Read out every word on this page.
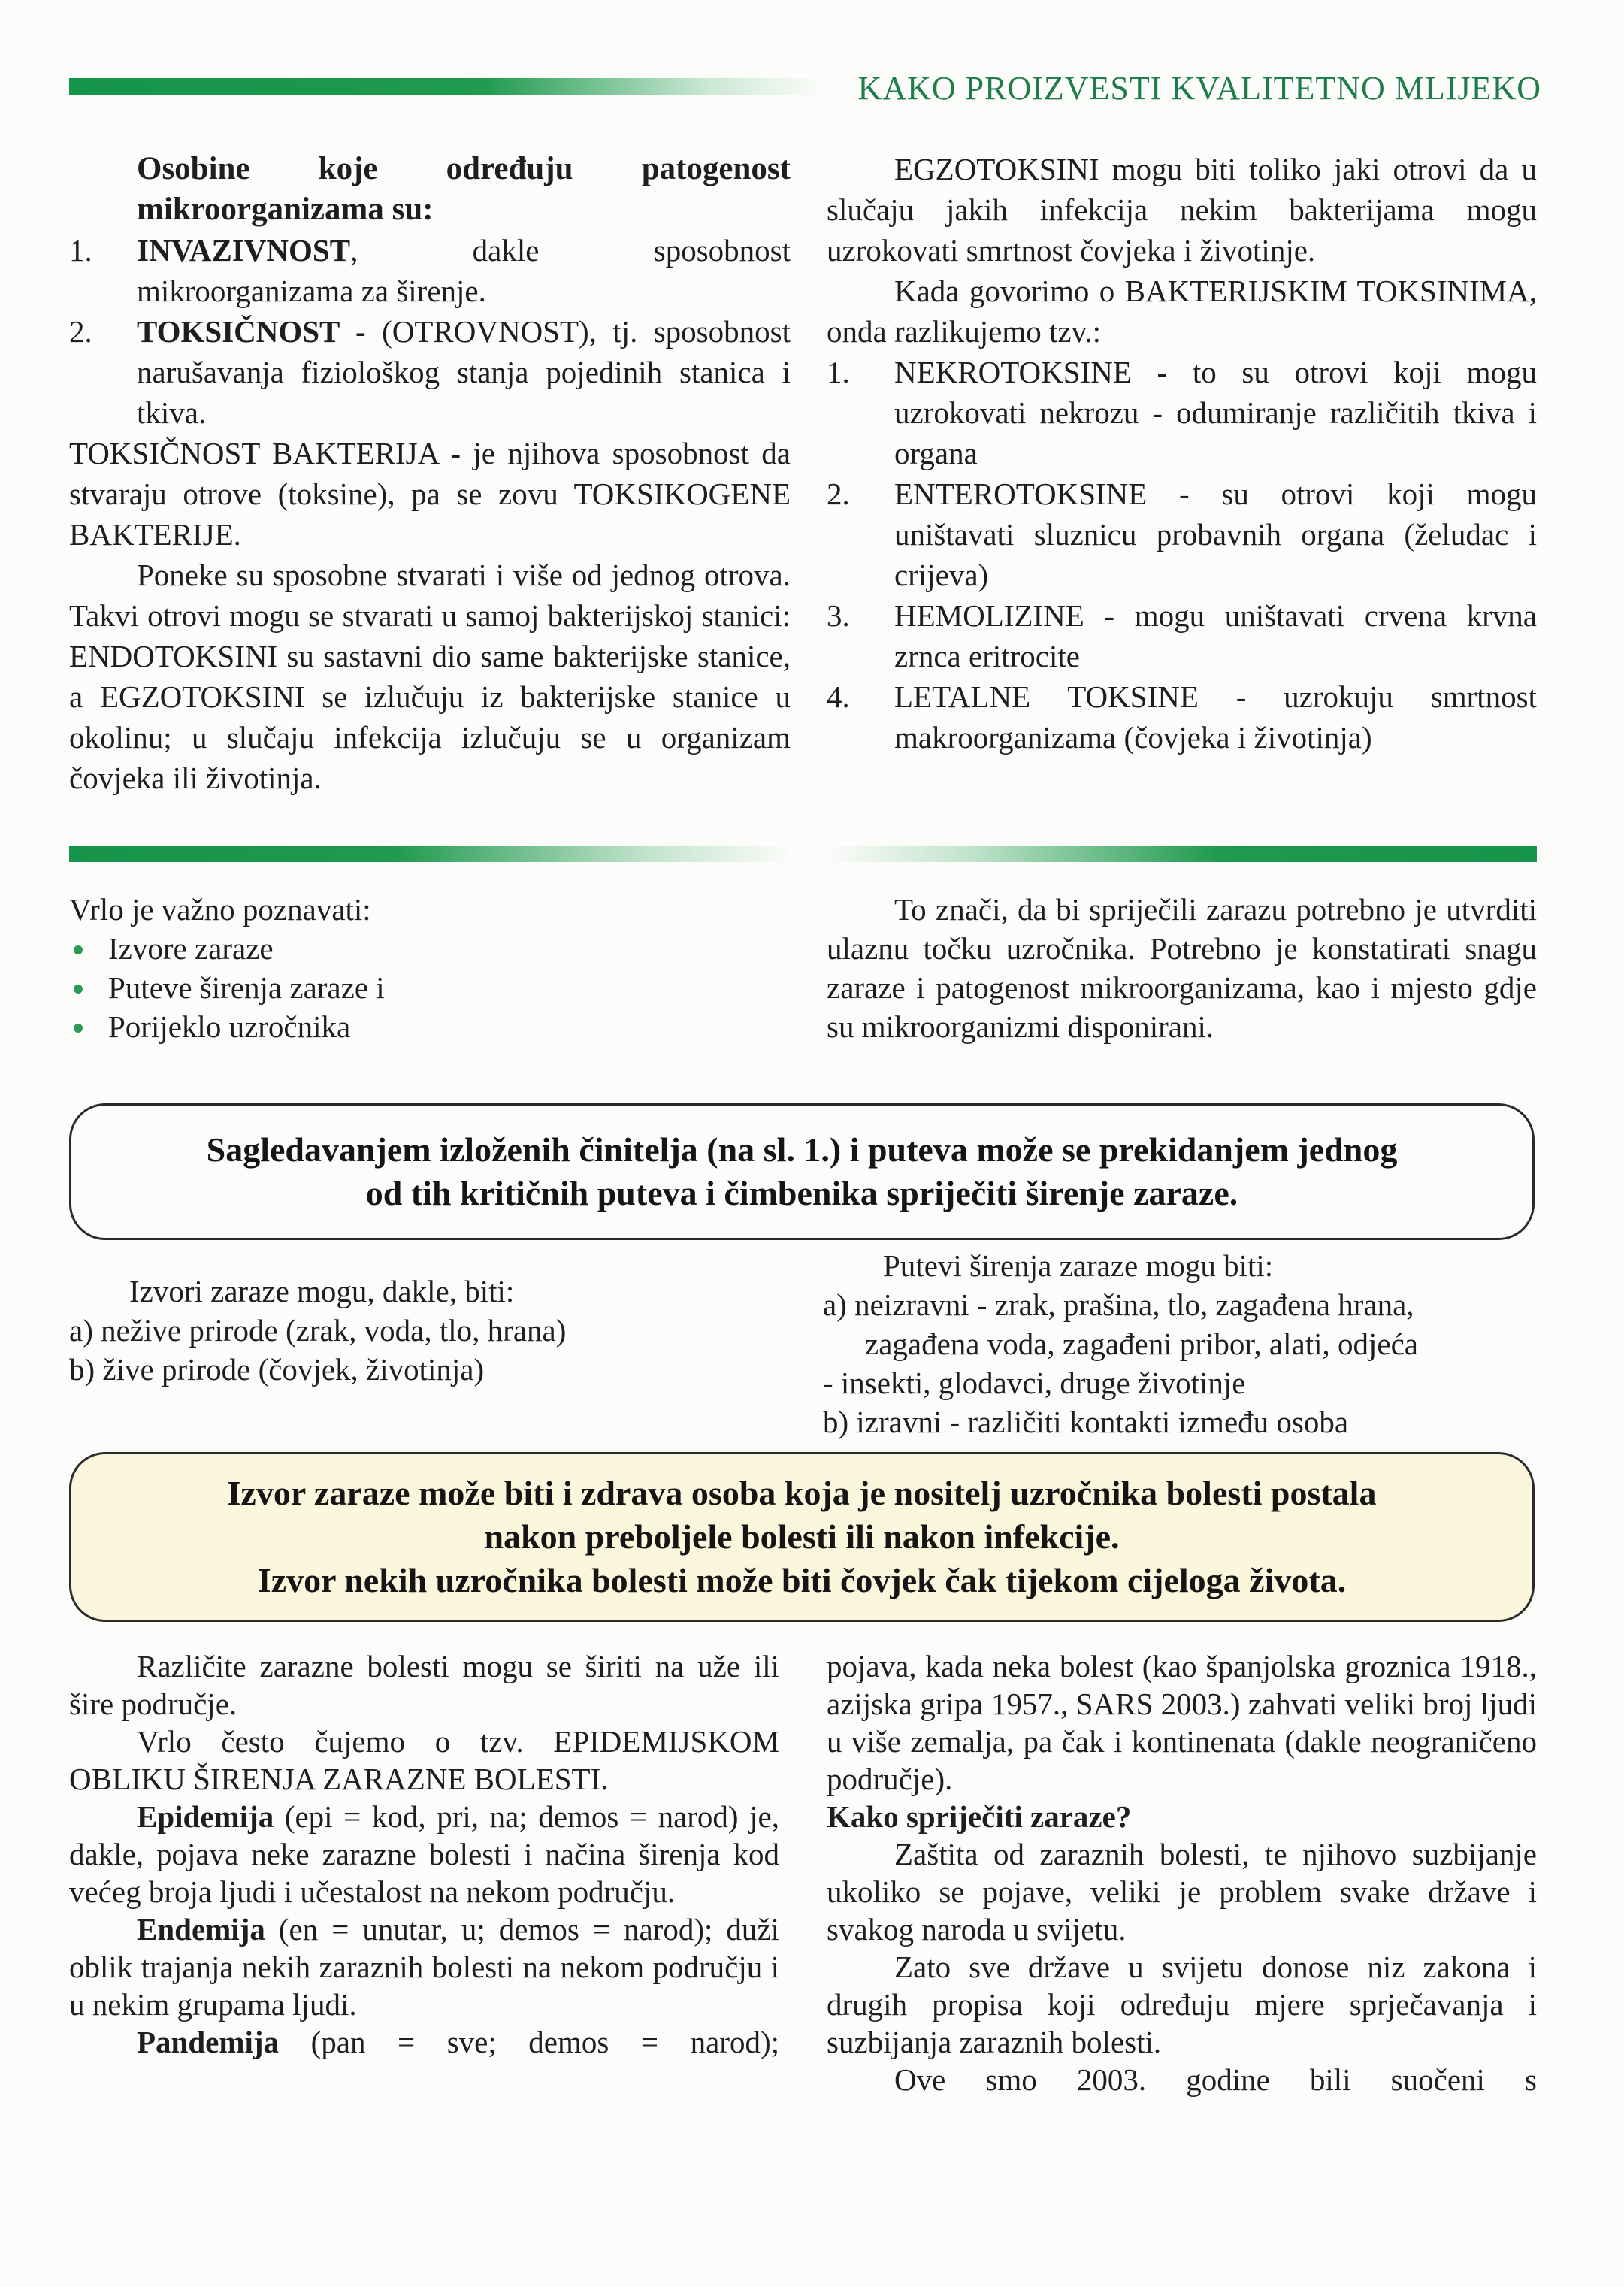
KAKO PROIZVESTI KVALITETNO MLIJEKO

Osobine koje određuju patogenost mikroorganizama su:

1.	INVAZIVNOST, dakle sposobnost mikroorganizama za širenje.
2.	TOKSIČNOST - (OTROVNOST), tj. sposobnost narušavanja fiziološkog stanja pojedinih stanica i tkiva.

TOKSIČNOST BAKTERIJA - je njihova sposobnost da stvaraju otrove (toksine), pa se zovu TOKSIKOGENE BAKTERIJE.

Poneke su sposobne stvarati i više od jednog otrova. Takvi otrovi mogu se stvarati u samoj bakterijskoj stanici: ENDOTOKSINI su sastavni dio same bakterijske stanice, a EGZOTOKSINI se izlučuju iz bakterijske stanice u okolinu; u slučaju infekcija izlučuju se u organizam čovjeka ili životinja.

EGZOTOKSINI mogu biti toliko jaki otrovi da u slučaju jakih infekcija nekim bakterijama mogu uzrokovati smrtnost čovjeka i životinje.

Kada govorimo o BAKTERIJSKIM TOKSINIMA, onda razlikujemo tzv.:

1.	NEKROTOKSINE - to su otrovi koji mogu uzrokovati nekrozu - odumiranje različitih tkiva i organa
2.	ENTEROTOKSINE - su otrovi koji mogu uništavati sluznicu probavnih organa (želudac i crijeva)
3.	HEMOLIZINE - mogu uništavati crvena krvna zrnca eritrocite
4.	LETALNE TOKSINE - uzrokuju smrtnost makroorganizama (čovjeka i životinja)

Vrlo je važno poznavati:

Izvore zaraze
Puteve širenja zaraze i
Porijeklo uzročnika

To znači, da bi spriječili zarazu potrebno je utvrditi ulaznu točku uzročnika. Potrebno je konstatirati snagu zaraze i patogenost mikroorganizama, kao i mjesto gdje su mikroorganizmi disponirani.

Sagledavanjem izloženih činitelja (na sl. 1.) i puteva može se prekidanjem jednog
od tih kritičnih puteva i čimbenika spriječiti širenje zaraze.

Izvori zaraze mogu, dakle, biti:

a) nežive prirode (zrak, voda, tlo, hrana)

b) žive prirode (čovjek, životinja)

Putevi širenja zaraze mogu biti:

a) neizravni - zrak, prašina, tlo, zagađena hrana,

zagađena voda, zagađeni pribor, alati, odjeća

- insekti, glodavci, druge životinje

b) izravni - različiti kontakti između osoba

Izvor zaraze može biti i zdrava osoba koja je nositelj uzročnika bolesti postala
nakon preboljele bolesti ili nakon infekcije.
Izvor nekih uzročnika bolesti može biti čovjek čak tijekom cijeloga života.

Različite zarazne bolesti mogu se širiti na uže ili šire područje.

Vrlo često čujemo o tzv. EPIDEMIJSKOM OBLIKU ŠIRENJA ZARAZNE BOLESTI.

Epidemija (epi = kod, pri, na; demos = narod) je, dakle, pojava neke zarazne bolesti i načina širenja kod većeg broja ljudi i učestalost na nekom području.

Endemija (en = unutar, u; demos = narod); duži oblik trajanja nekih zaraznih bolesti na nekom području i u nekim grupama ljudi.

Pandemija (pan = sve; demos = narod);

pojava, kada neka bolest (kao španjolska groznica 1918., azijska gripa 1957., SARS 2003.) zahvati veliki broj ljudi u više zemalja, pa čak i kontinenata (dakle neograničeno područje).

Kako spriječiti zaraze?

Zaštita od zaraznih bolesti, te njihovo suzbijanje ukoliko se pojave, veliki je problem svake države i svakog naroda u svijetu.

Zato sve države u svijetu donose niz zakona i drugih propisa koji određuju mjere sprječavanja i suzbijanja zaraznih bolesti.

Ove smo 2003. godine bili suočeni s
